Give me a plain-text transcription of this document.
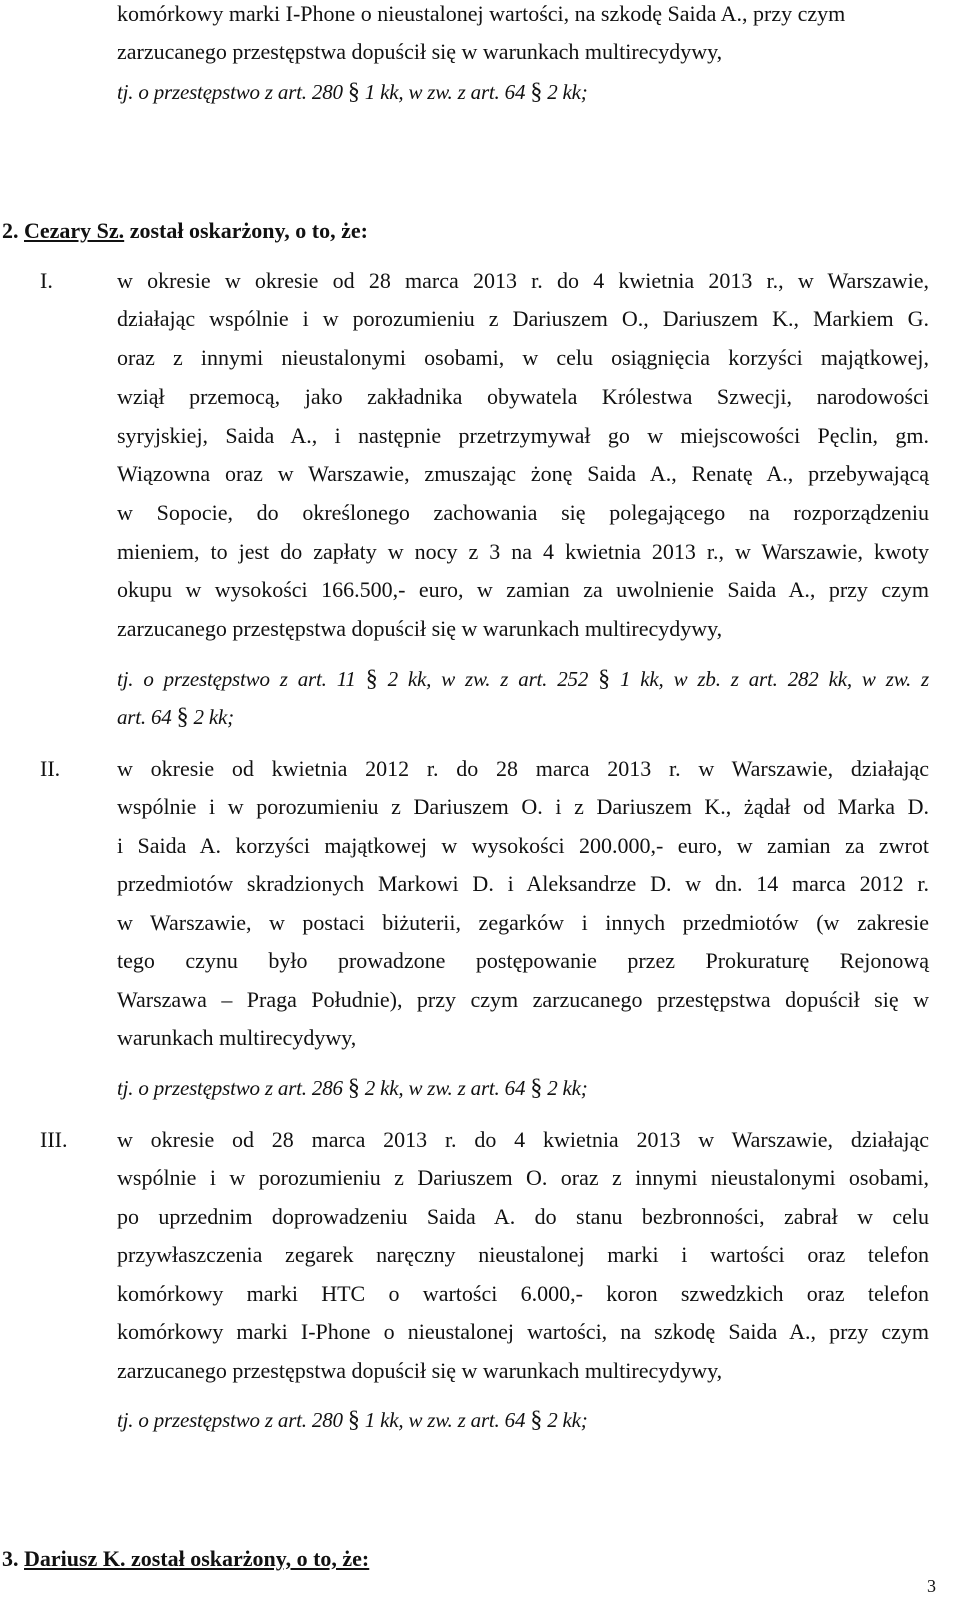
komórkowy marki I-Phone o nieustalonej wartości, na szkodę Saida A., przy czym
zarzucanego przestępstwa dopuścił się w warunkach multirecydywy,
tj. o przestępstwo z art. 280 § 1 kk, w zw. z art. 64 § 2 kk;
2. Cezary Sz. został oskarżony, o to, że:
I.	w okresie w okresie od 28 marca 2013 r. do 4 kwietnia 2013 r., w Warszawie,
działając wspólnie i w porozumieniu z Dariuszem O., Dariuszem K., Markiem G.
oraz z innymi nieustalonymi osobami, w celu osiągnięcia korzyści majątkowej,
wziął przemocą, jako zakładnika obywatela Królestwa Szwecji, narodowości
syryjskiej, Saida A., i następnie przetrzymywał go w miejscowości Pęclin, gm.
Wiązowna oraz w Warszawie, zmuszając żonę Saida A., Renatę A., przebywającą
w Sopocie, do określonego zachowania się polegającego na rozporządzeniu
mieniem, to jest do zapłaty w nocy z 3 na 4 kwietnia 2013 r., w Warszawie, kwoty
okupu w wysokości 166.500,- euro, w zamian za uwolnienie Saida A., przy czym
zarzucanego przestępstwa dopuścił się w warunkach multirecydywy,
tj. o przestępstwo z art. 11 § 2 kk, w zw. z art. 252 § 1 kk, w zb. z art. 282 kk, w zw. z
art. 64 § 2 kk;
II.	w okresie od kwietnia 2012 r. do 28 marca 2013 r. w Warszawie, działając
wspólnie i w porozumieniu z Dariuszem O. i z Dariuszem K., żądał od Marka D.
i Saida A. korzyści majątkowej w wysokości 200.000,- euro, w zamian za zwrot
przedmiotów skradzionych Markowi D. i Aleksandrze D. w dn. 14 marca 2012 r.
w Warszawie, w postaci biżuterii, zegarków i innych przedmiotów (w zakresie
tego czynu było prowadzone postępowanie przez Prokuraturę Rejonową
Warszawa – Praga Południe), przy czym zarzucanego przestępstwa dopuścił się w
warunkach multirecydywy,
tj. o przestępstwo z art. 286 § 2 kk, w zw. z art. 64 § 2 kk;
III. w okresie od 28 marca 2013 r. do 4 kwietnia 2013 w Warszawie, działając
wspólnie i w porozumieniu z Dariuszem O. oraz z innymi nieustalonymi osobami,
po uprzednim doprowadzeniu Saida A. do stanu bezbronności, zabrał w celu
przywłaszczenia zegarek naręczny nieustalonej marki i wartości oraz telefon
komórkowy marki HTC o wartości 6.000,- koron szwedzkich oraz telefon
komórkowy marki I-Phone o nieustalonej wartości, na szkodę Saida A., przy czym
zarzucanego przestępstwa dopuścił się w warunkach multirecydywy,
tj. o przestępstwo z art. 280 § 1 kk, w zw. z art. 64 § 2 kk;
3. Dariusz K. został oskarżony, o to, że:
3
